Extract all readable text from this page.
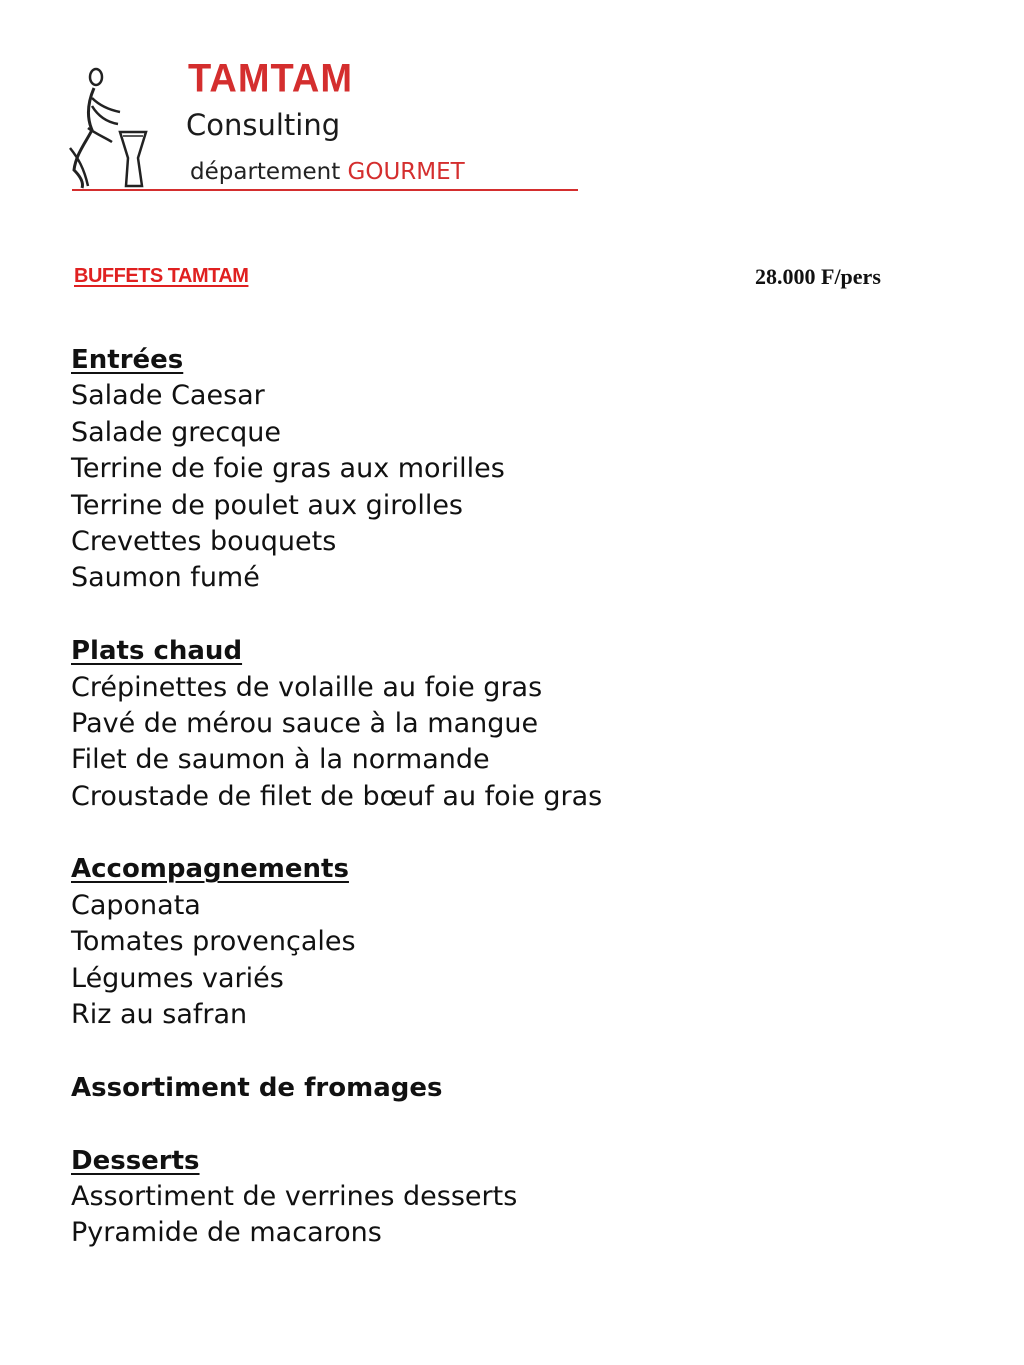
TAMTAM
Consulting
département GOURMET
BUFFETS TAMTAM	28.000 F/pers
Entrées
Salade Caesar
Salade grecque
Terrine de foie gras aux morilles
Terrine de poulet aux girolles
Crevettes bouquets
Saumon fumé
Plats chaud
Crépinettes de volaille au foie gras
Pavé de mérou sauce à la mangue
Filet de saumon à la normande
Croustade de filet de bœuf au foie gras
Accompagnements
Caponata
Tomates provençales
Légumes variés
Riz au safran
Assortiment de fromages
Desserts
Assortiment de verrines desserts
Pyramide de macarons
